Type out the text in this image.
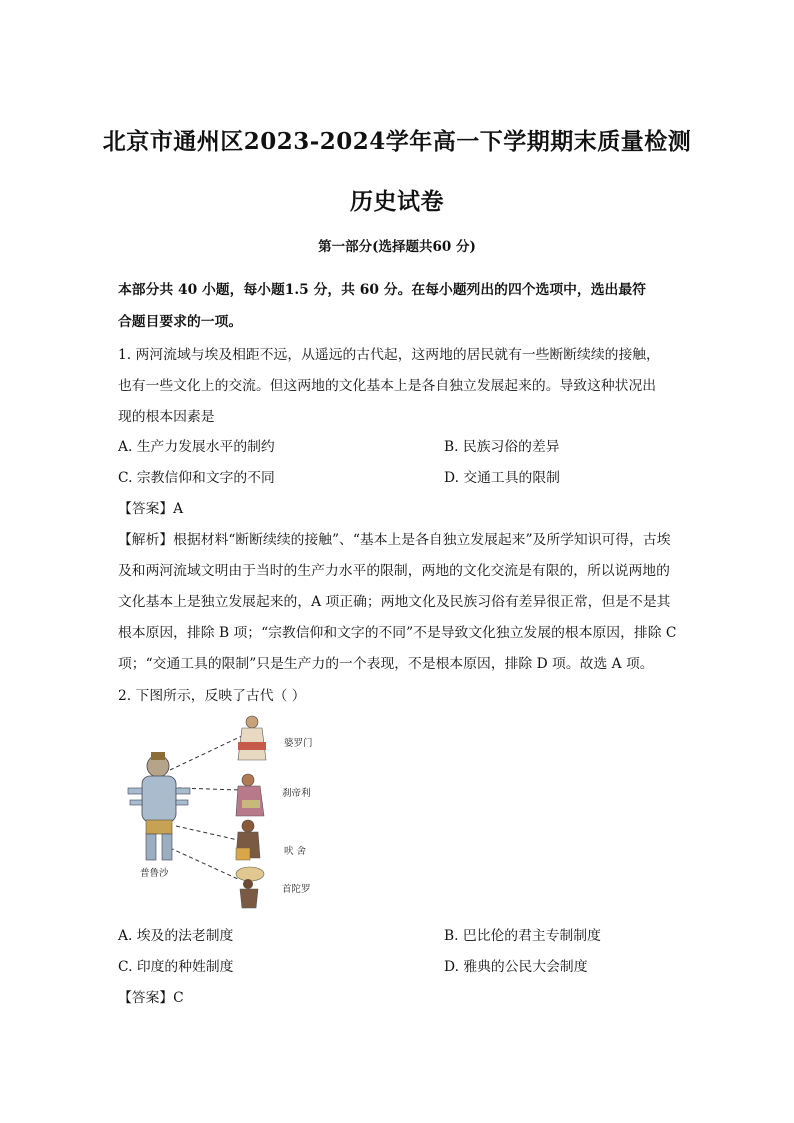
北京市通州区2023-2024学年高一下学期期末质量检测
历史试卷
第一部分(选择题共60 分)
本部分共 40 小题，每小题1.5 分，共 60 分。在每小题列出的四个选项中，选出最符
合题目要求的一项。
1. 两河流域与埃及相距不远，从遥远的古代起，这两地的居民就有一些断断续续的接触，
也有一些文化上的交流。但这两地的文化基本上是各自独立发展起来的。导致这种状况出
现的根本因素是
A. 生产力发展水平的制约	B. 民族习俗的差异
C. 宗教信仰和文字的不同	D. 交通工具的限制
【答案】A
【解析】根据材料“断断续续的接触”、“基本上是各自独立发展起来”及所学知识可得，古埃
及和两河流域文明由于当时的生产力水平的限制，两地的文化交流是有限的，所以说两地的
文化基本上是独立发展起来的，A 项正确；两地文化及民族习俗有差异很正常，但是不是其
根本原因，排除 B 项；“宗教信仰和文字的不同”不是导致文化独立发展的根本原因，排除 C
项；“交通工具的限制”只是生产力的一个表现，不是根本原因，排除 D 项。故选 A 项。
2. 下图所示，反映了古代（ ）
婆罗门
刹帝利
吠 舍
首陀罗
普鲁沙
A. 埃及的法老制度	B. 巴比伦的君主专制制度
C. 印度的种姓制度	D. 雅典的公民大会制度
【答案】C
